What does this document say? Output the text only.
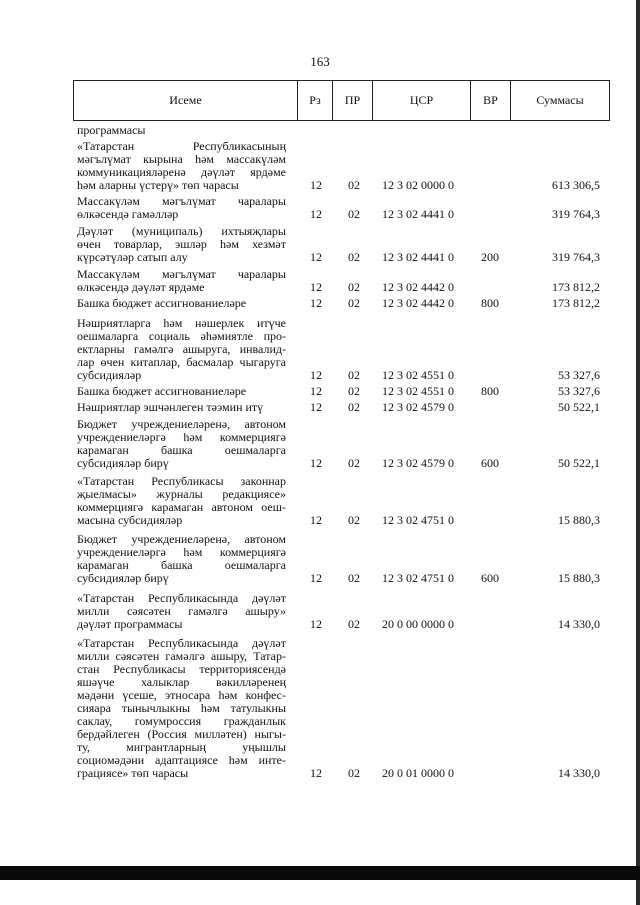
163
Исеме	Рз	ПР	ЦСР	ВР	Суммасы
программасы
«Татарстан Республикасының
мәгълүмат кырына һәм массакүләм
коммуникацияләренә дәүләт ярдәме
һәм аларны үстерү» төп чарасы	12	02	12 3 02 0000 0	613 306,5
Массакүләм мәгълүмат чаралары
өлкәсендә гамәлләр	12	02	12 3 02 4441 0	319 764,3
Дәүләт (муниципаль) ихтыяҗлары
өчен товарлар, эшләр һәм хезмәт
күрсәтүләр сатып алу	12	02	12 3 02 4441 0	200	319 764,3
Массакүләм мәгълүмат чаралары
өлкәсендә дәүләт ярдәме	12	02	12 3 02 4442 0	173 812,2
Башка бюджет ассигнованиеләре	12	02	12 3 02 4442 0	800	173 812,2
Нәшриятларга һәм нәшерлек итүче
оешмаларга социаль әһәмиятле про-
ектларны гамәлгә ашыруга, инвалид-
лар өчен китаплар, басмалар чыгаруга
субсидияләр	12	02	12 3 02 4551 0	53 327,6
Башка бюджет ассигнованиеләре	12	02	12 3 02 4551 0	800	53 327,6
Нәшриятлар эшчәнлеген тәэмин итү	12	02	12 3 02 4579 0	50 522,1
Бюджет учреждениеләренә, автоном
учреждениеләргә һәм коммерциягә
карамаган башка оешмаларга
субсидияләр бирү	12	02	12 3 02 4579 0	600	50 522,1
«Татарстан Республикасы законнар
җыелмасы» журналы редакциясе»
коммерциягә карамаган автоном оеш-
масына субсидияләр	12	02	12 3 02 4751 0	15 880,3
Бюджет учреждениеләренә, автоном
учреждениеләргә һәм коммерциягә
карамаган башка оешмаларга
субсидияләр бирү	12	02	12 3 02 4751 0	600	15 880,3
«Татарстан Республикасында дәүләт
милли сәясәтен гамәлгә ашыру»
дәүләт программасы	12	02	20 0 00 0000 0	14 330,0
«Татарстан Республикасында дәүләт
милли сәясәтен гамәлгә ашыру, Татар-
стан Республикасы территориясендә
яшәүче халыклар вәкилләренең
мәдәни үсеше, этносара һәм конфес-
сияара тынычлыкны һәм татулыкны
саклау, гомумроссия гражданлык
бердәйлеген (Россия милләтен) ныгы-
ту, мигрантларның уңышлы
социомәдәни адаптациясе һәм инте-
грациясе» төп чарасы	12	02	20 0 01 0000 0	14 330,0
